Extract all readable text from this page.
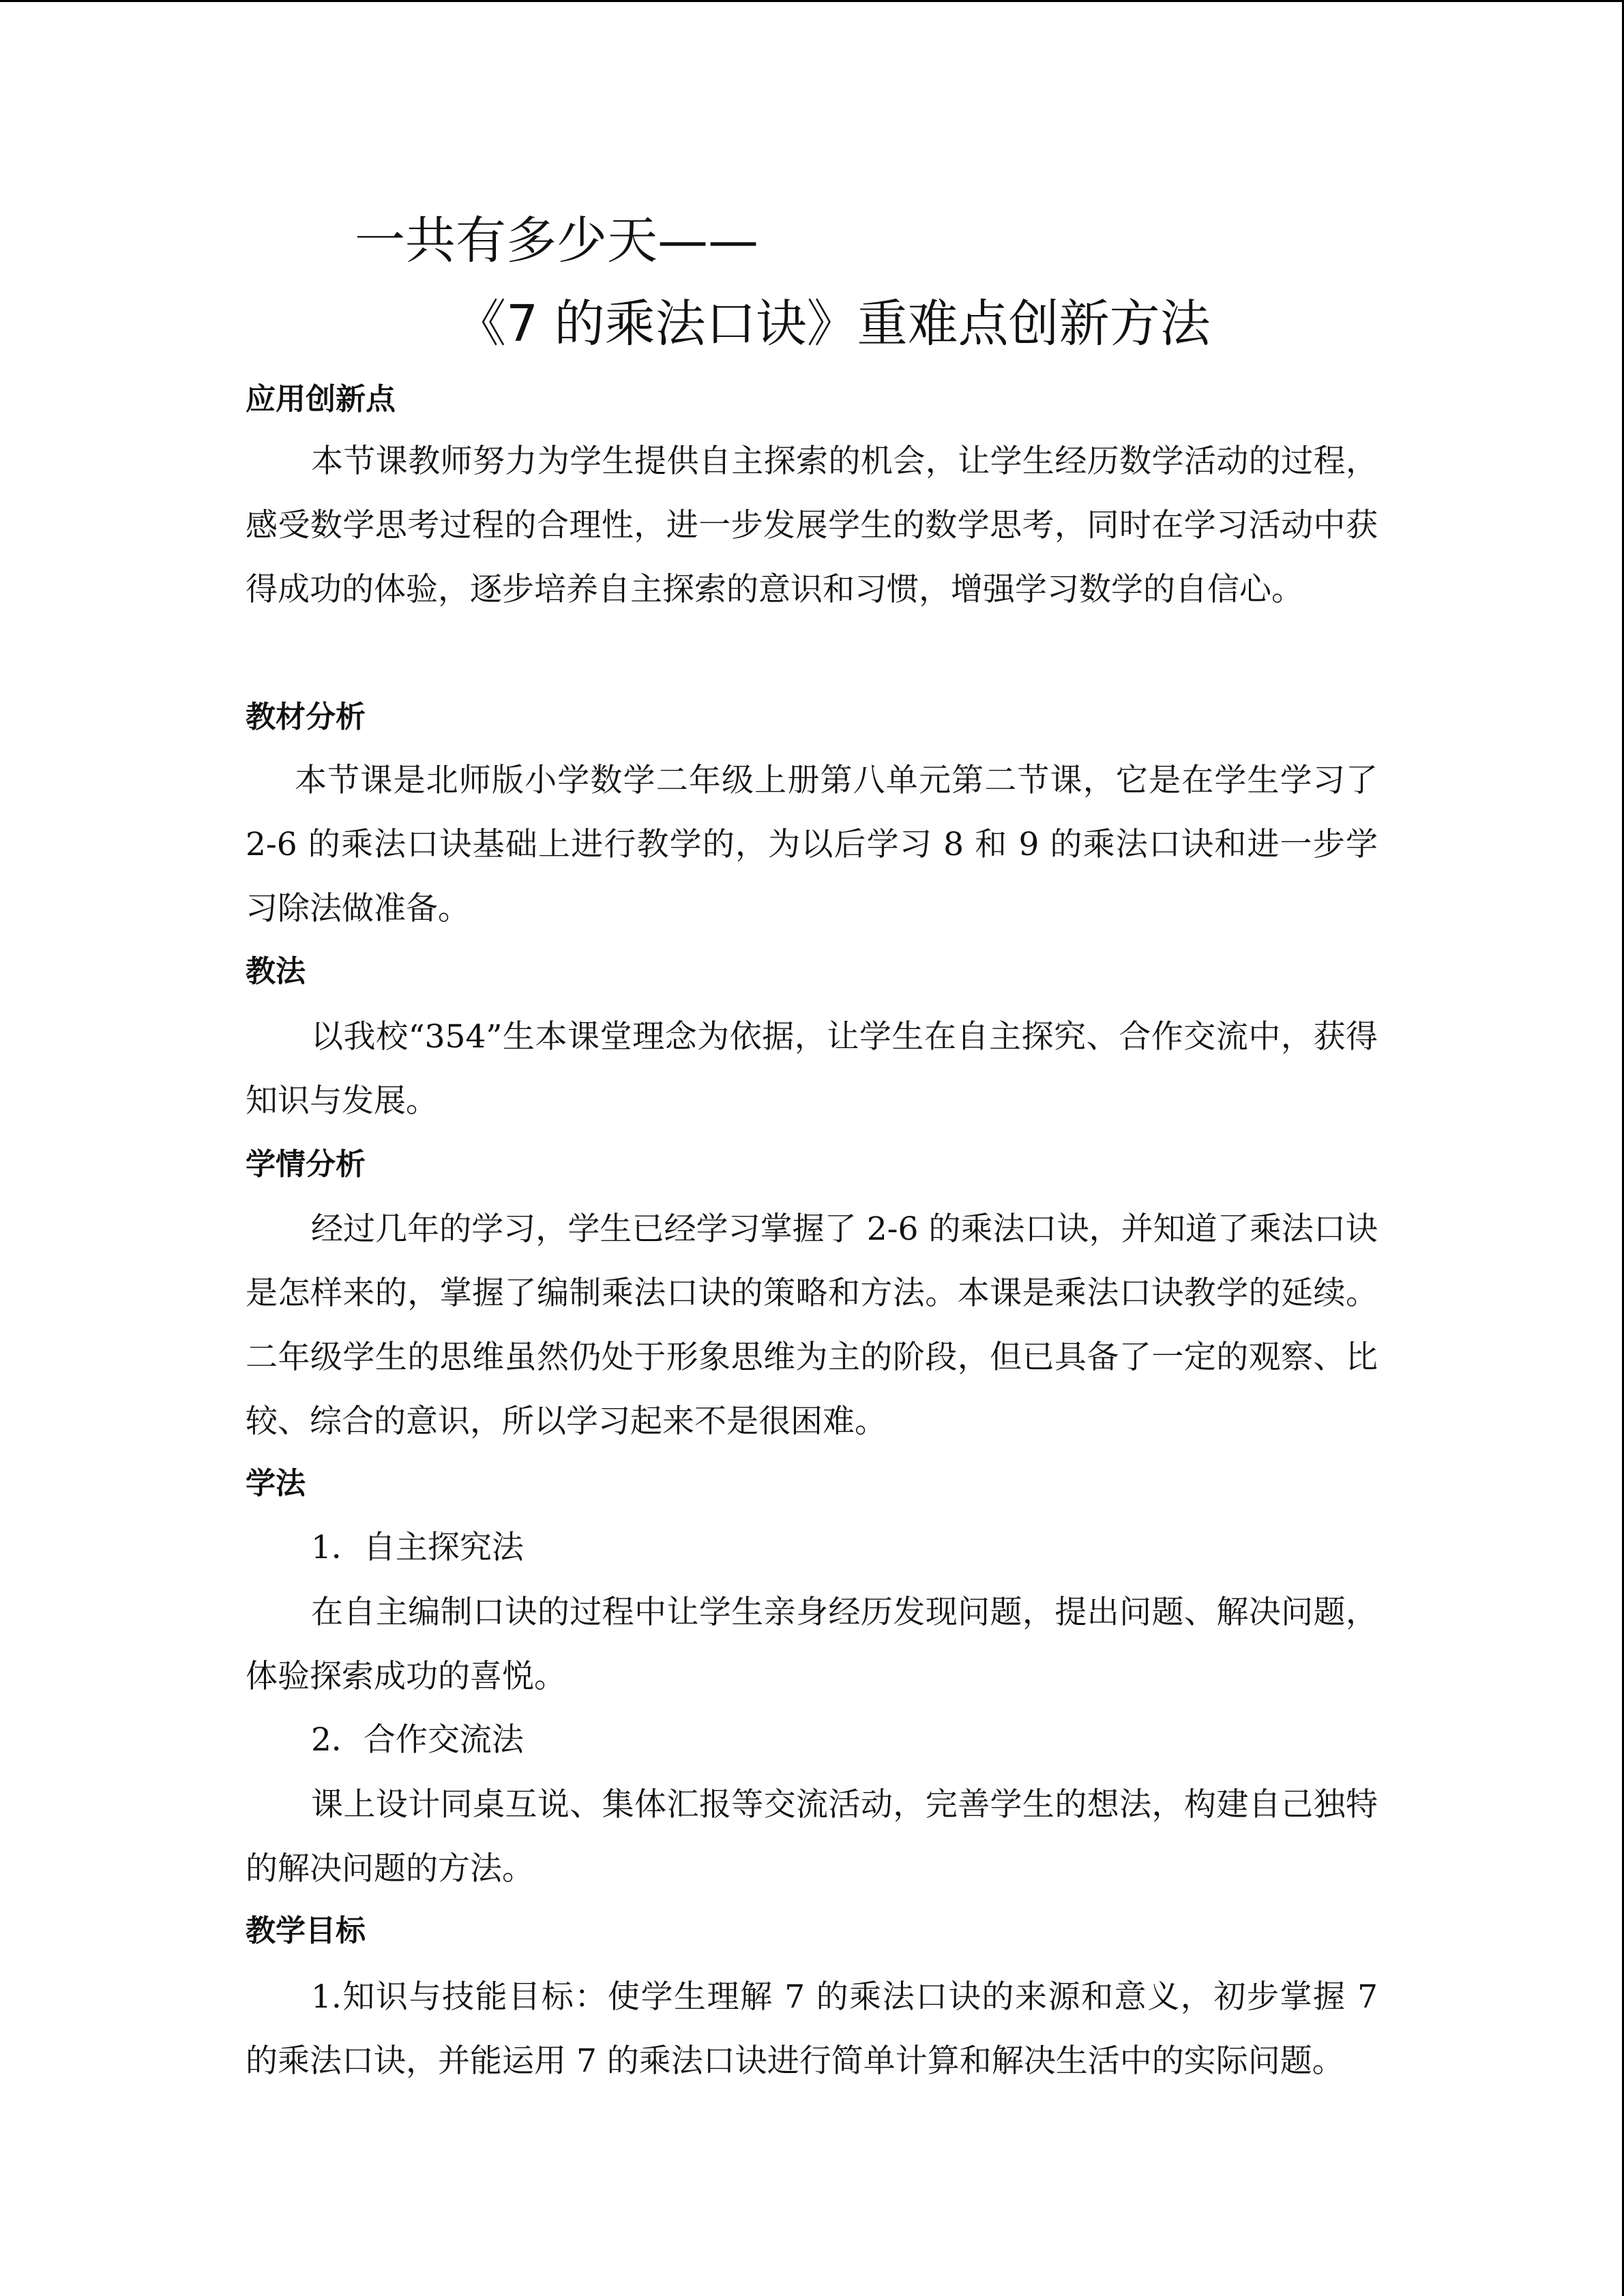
一共有多少天——
《7 的乘法口诀》重难点创新方法
应用创新点
本节课教师努力为学生提供自主探索的机会，让学生经历数学活动的过程，感受数学思考过程的合理性，进一步发展学生的数学思考，同时在学习活动中获得成功的体验，逐步培养自主探索的意识和习惯，增强学习数学的自信心。
教材分析
本节课是北师版小学数学二年级上册第八单元第二节课，它是在学生学习了 2-6 的乘法口诀基础上进行教学的，为以后学习 8 和 9 的乘法口诀和进一步学习除法做准备。
教法
以我校“354”生本课堂理念为依据，让学生在自主探究、合作交流中，获得知识与发展。
学情分析
经过几年的学习，学生已经学习掌握了 2-6 的乘法口诀，并知道了乘法口诀是怎样来的，掌握了编制乘法口诀的策略和方法。本课是乘法口诀教学的延续。二年级学生的思维虽然仍处于形象思维为主的阶段，但已具备了一定的观察、比较、综合的意识，所以学习起来不是很困难。
学法
1．自主探究法
在自主编制口诀的过程中让学生亲身经历发现问题，提出问题、解决问题，体验探索成功的喜悦。
2．合作交流法
课上设计同桌互说、集体汇报等交流活动，完善学生的想法，构建自己独特的解决问题的方法。
教学目标
1.知识与技能目标：使学生理解 7 的乘法口诀的来源和意义，初步掌握 7 的乘法口诀，并能运用 7 的乘法口诀进行简单计算和解决生活中的实际问题。
